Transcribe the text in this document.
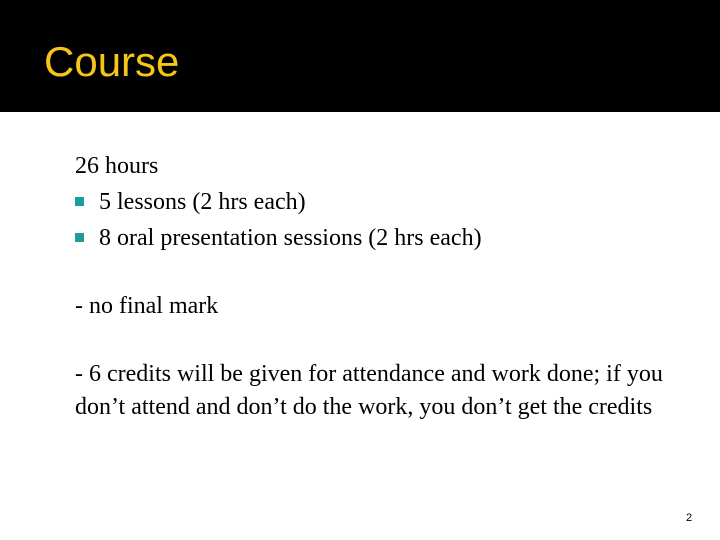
Course
26 hours
5 lessons (2 hrs each)
8 oral presentation sessions (2 hrs each)
- no final mark
- 6 credits will be given for attendance and work done; if you don’t attend and don’t do the work, you don’t get the credits
2
